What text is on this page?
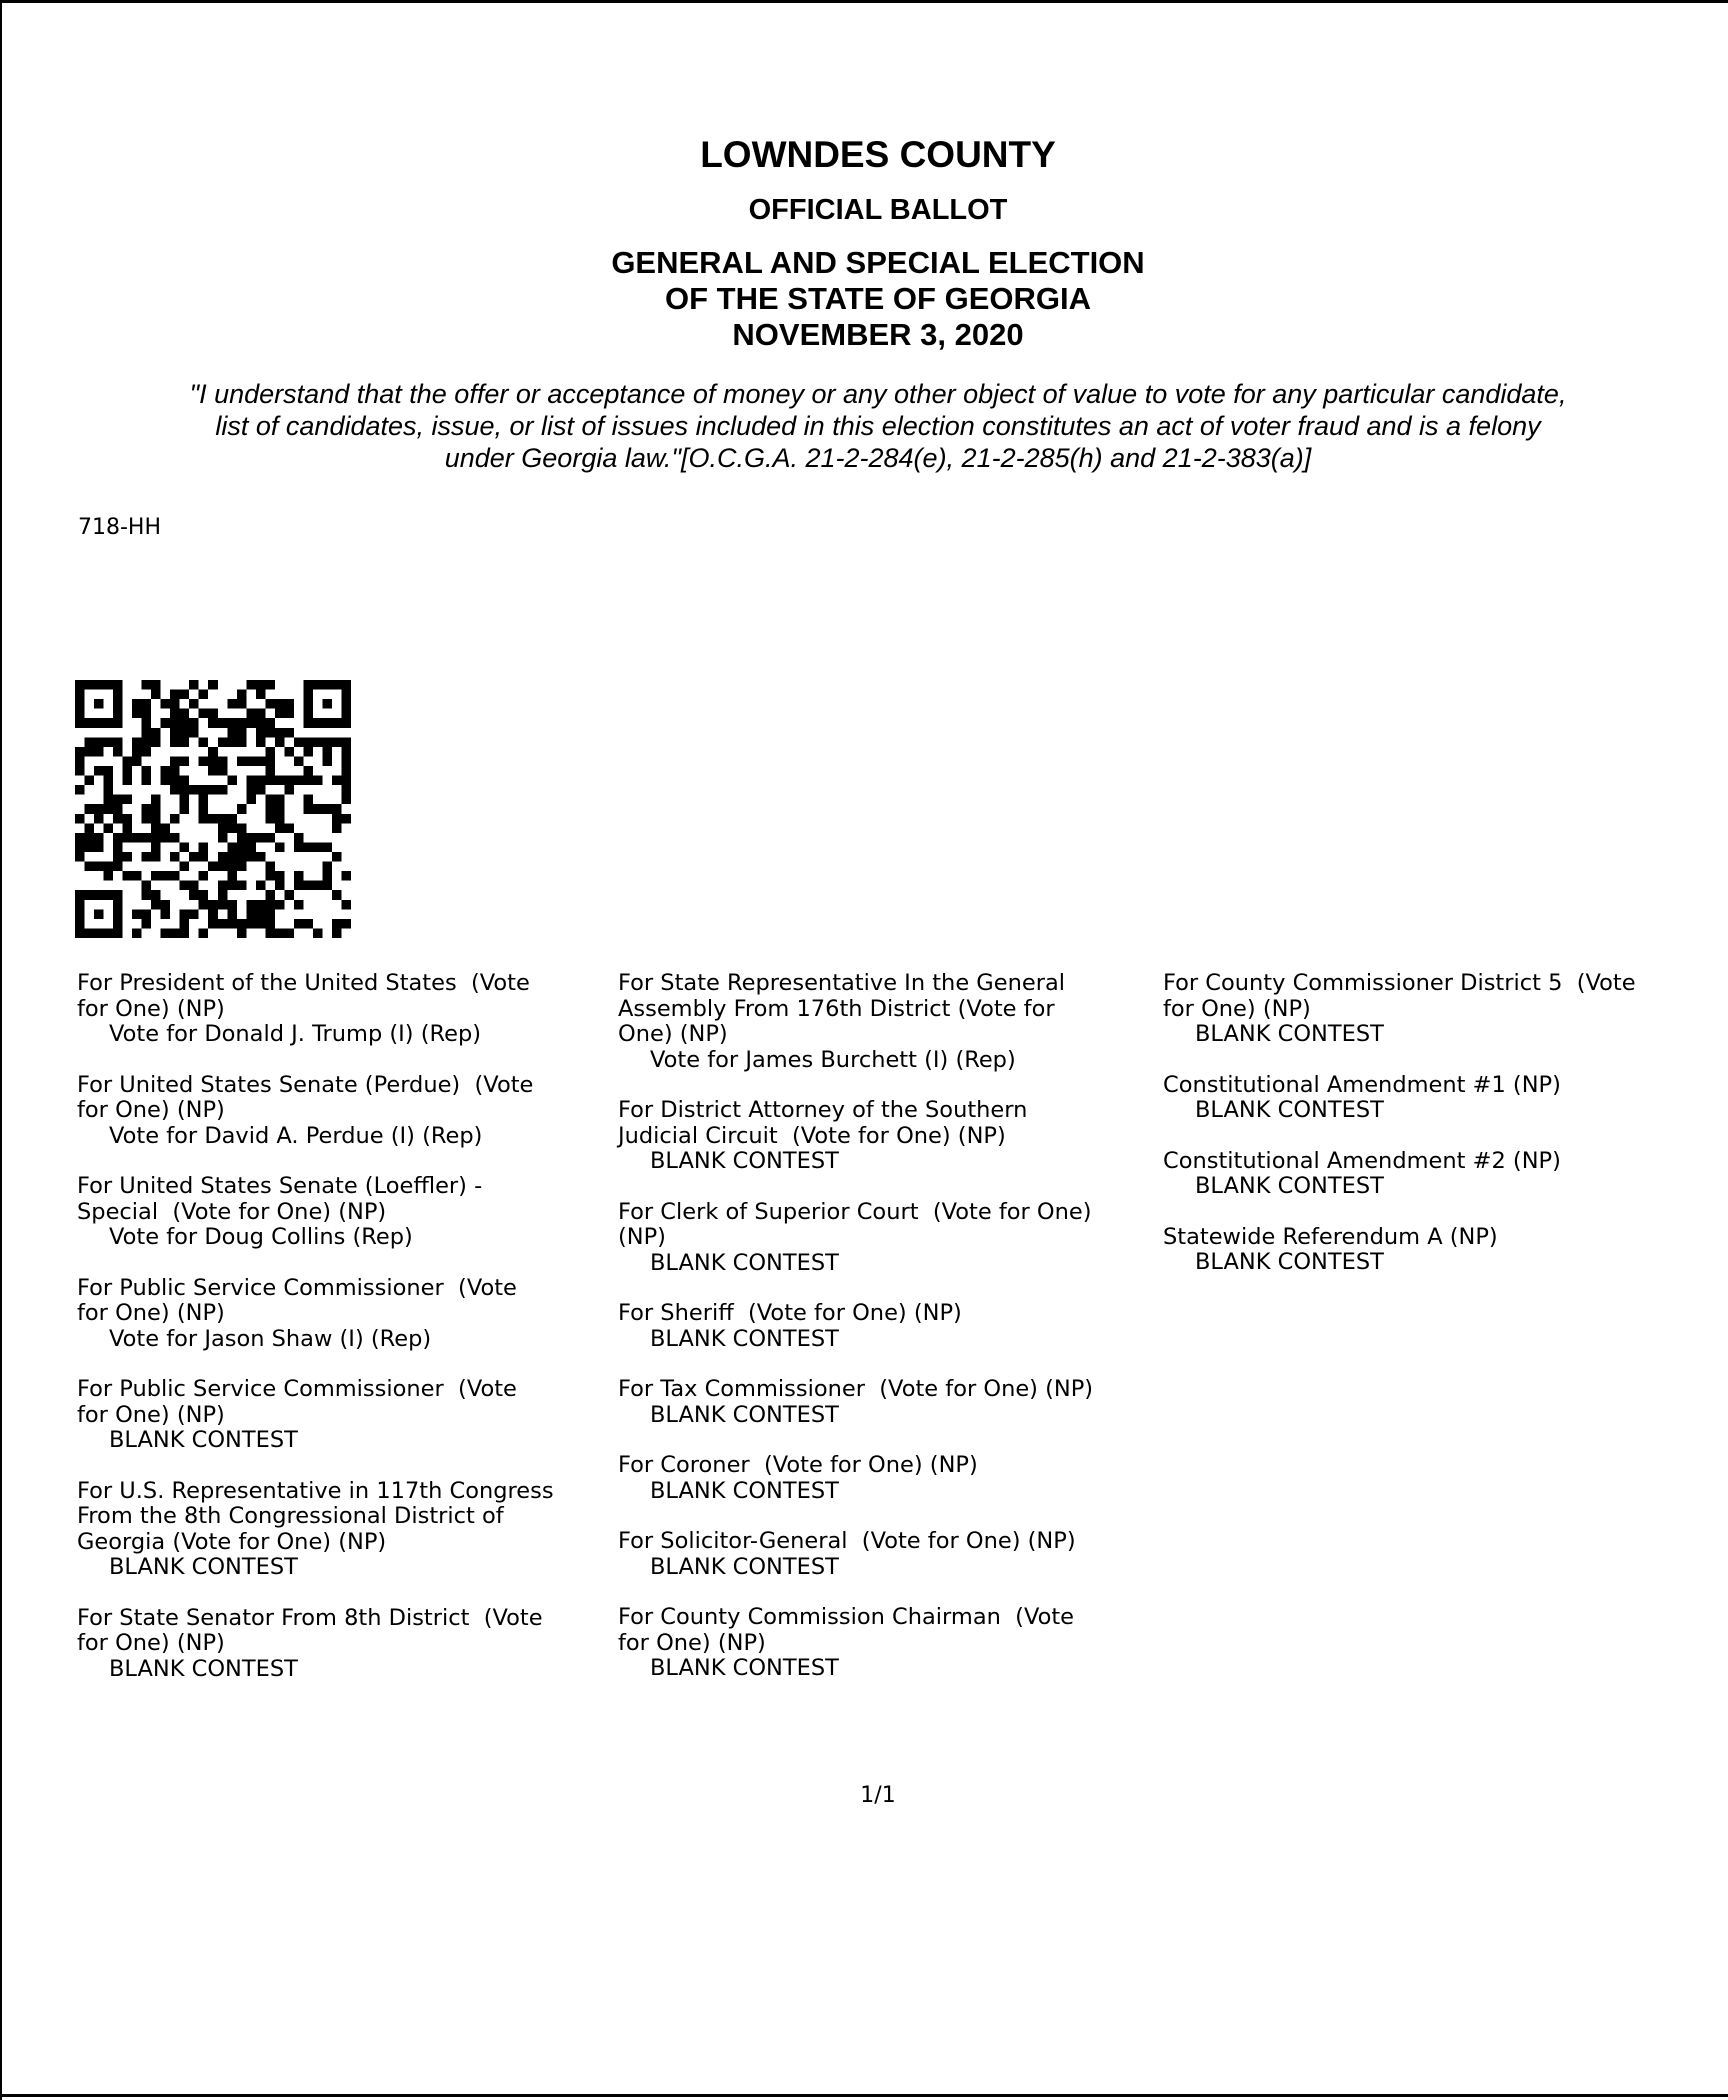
LOWNDES COUNTY
OFFICIAL BALLOT
GENERAL AND SPECIAL ELECTION
OF THE STATE OF GEORGIA
NOVEMBER 3, 2020
"I understand that the offer or acceptance of money or any other object of value to vote for any particular candidate,
list of candidates, issue, or list of issues included in this election constitutes an act of voter fraud and is a felony
under Georgia law."[O.C.G.A. 21-2-284(e), 21-2-285(h) and 21-2-383(a)]
718-HH
For President of the United States  (Vote
for One) (NP)
Vote for Donald J. Trump (I) (Rep)
For United States Senate (Perdue)  (Vote
for One) (NP)
Vote for David A. Perdue (I) (Rep)
For United States Senate (Loeffler) -
Special  (Vote for One) (NP)
Vote for Doug Collins (Rep)
For Public Service Commissioner  (Vote
for One) (NP)
Vote for Jason Shaw (I) (Rep)
For Public Service Commissioner  (Vote
for One) (NP)
BLANK CONTEST
For U.S. Representative in 117th Congress
From the 8th Congressional District of
Georgia (Vote for One) (NP)
BLANK CONTEST
For State Senator From 8th District  (Vote
for One) (NP)
BLANK CONTEST
For State Representative In the General
Assembly From 176th District (Vote for
One) (NP)
Vote for James Burchett (I) (Rep)
For District Attorney of the Southern
Judicial Circuit  (Vote for One) (NP)
BLANK CONTEST
For Clerk of Superior Court  (Vote for One)
(NP)
BLANK CONTEST
For Sheriff  (Vote for One) (NP)
BLANK CONTEST
For Tax Commissioner  (Vote for One) (NP)
BLANK CONTEST
For Coroner  (Vote for One) (NP)
BLANK CONTEST
For Solicitor-General  (Vote for One) (NP)
BLANK CONTEST
For County Commission Chairman  (Vote
for One) (NP)
BLANK CONTEST
For County Commissioner District 5  (Vote
for One) (NP)
BLANK CONTEST
Constitutional Amendment #1 (NP)
BLANK CONTEST
Constitutional Amendment #2 (NP)
BLANK CONTEST
Statewide Referendum A (NP)
BLANK CONTEST
1/1
